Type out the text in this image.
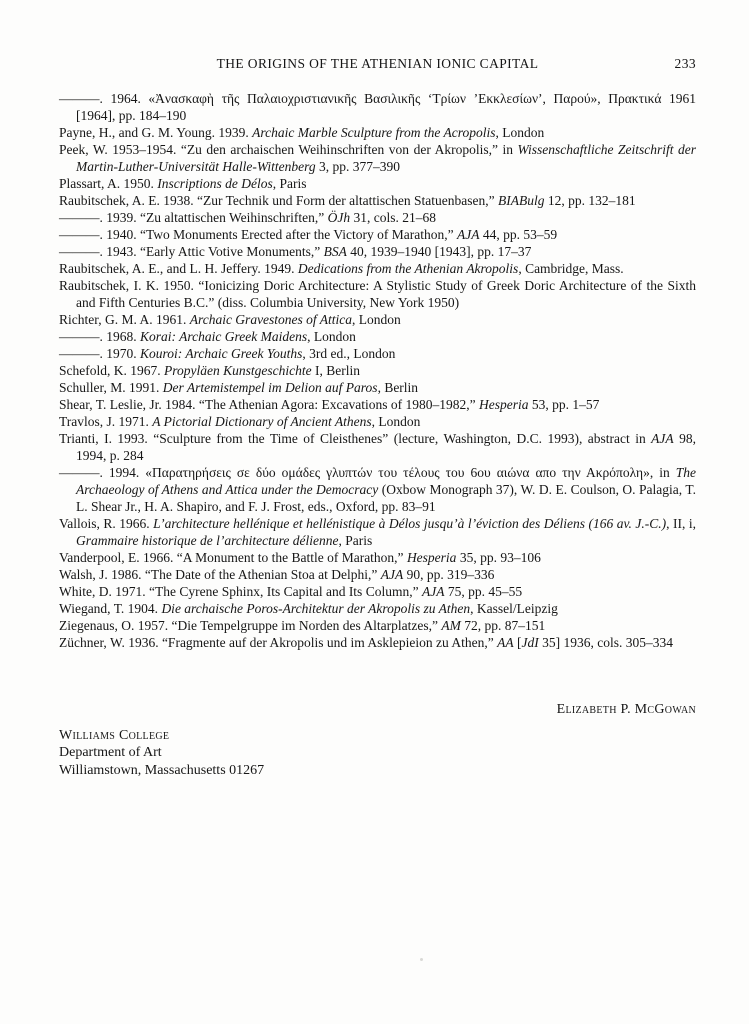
THE ORIGINS OF THE ATHENIAN IONIC CAPITAL	233

———. 1964. «Ἀνασκαφὴ τῆς Παλαιοχριστιανικῆς Βασιλικῆς ‘Τρίων ’Εκκλεσίων’, Παρού», Πρακτικά 1961 [1964], pp. 184–190

Payne, H., and G. M. Young. 1939. Archaic Marble Sculpture from the Acropolis, London

Peek, W. 1953–1954. “Zu den archaischen Weihinschriften von der Akropolis,” in Wissenschaftliche Zeitschrift der Martin-Luther-Universität Halle-Wittenberg 3, pp. 377–390

Plassart, A. 1950. Inscriptions de Délos, Paris

Raubitschek, A. E. 1938. “Zur Technik und Form der altattischen Statuenbasen,” BIABulg 12, pp. 132–181

———. 1939. “Zu altattischen Weihinschriften,” ÖJh 31, cols. 21–68

———. 1940. “Two Monuments Erected after the Victory of Marathon,” AJA 44, pp. 53–59

———. 1943. “Early Attic Votive Monuments,” BSA 40, 1939–1940 [1943], pp. 17–37

Raubitschek, A. E., and L. H. Jeffery. 1949. Dedications from the Athenian Akropolis, Cambridge, Mass.

Raubitschek, I. K. 1950. “Ionicizing Doric Architecture: A Stylistic Study of Greek Doric Architecture of the Sixth and Fifth Centuries B.C.” (diss. Columbia University, New York 1950)

Richter, G. M. A. 1961. Archaic Gravestones of Attica, London

———. 1968. Korai: Archaic Greek Maidens, London

———. 1970. Kouroi: Archaic Greek Youths, 3rd ed., London

Schefold, K. 1967. Propyläen Kunstgeschichte I, Berlin

Schuller, M. 1991. Der Artemistempel im Delion auf Paros, Berlin

Shear, T. Leslie, Jr. 1984. “The Athenian Agora: Excavations of 1980–1982,” Hesperia 53, pp. 1–57

Travlos, J. 1971. A Pictorial Dictionary of Ancient Athens, London

Trianti, I. 1993. “Sculpture from the Time of Cleisthenes” (lecture, Washington, D.C. 1993), abstract in AJA 98, 1994, p. 284

———. 1994. «Παρατηρήσεις σε δύο ομάδες γλυπτών του τέλους του 6ου αιώνα απο την Ακρόπολη», in The Archaeology of Athens and Attica under the Democracy (Oxbow Monograph 37), W. D. E. Coulson, O. Palagia, T. L. Shear Jr., H. A. Shapiro, and F. J. Frost, eds., Oxford, pp. 83–91

Vallois, R. 1966. L’architecture hellénique et hellénistique à Délos jusqu’à l’éviction des Déliens (166 av. J.-C.), II, i, Grammaire historique de l’architecture délienne, Paris

Vanderpool, E. 1966. “A Monument to the Battle of Marathon,” Hesperia 35, pp. 93–106

Walsh, J. 1986. “The Date of the Athenian Stoa at Delphi,” AJA 90, pp. 319–336

White, D. 1971. “The Cyrene Sphinx, Its Capital and Its Column,” AJA 75, pp. 45–55

Wiegand, T. 1904. Die archaische Poros-Architektur der Akropolis zu Athen, Kassel/Leipzig

Ziegenaus, O. 1957. “Die Tempelgruppe im Norden des Altarplatzes,” AM 72, pp. 87–151

Züchner, W. 1936. “Fragmente auf der Akropolis und im Asklepieion zu Athen,” AA [JdI 35] 1936, cols. 305–334

Elizabeth P. McGowan

Williams College

Department of Art

Williamstown, Massachusetts 01267
